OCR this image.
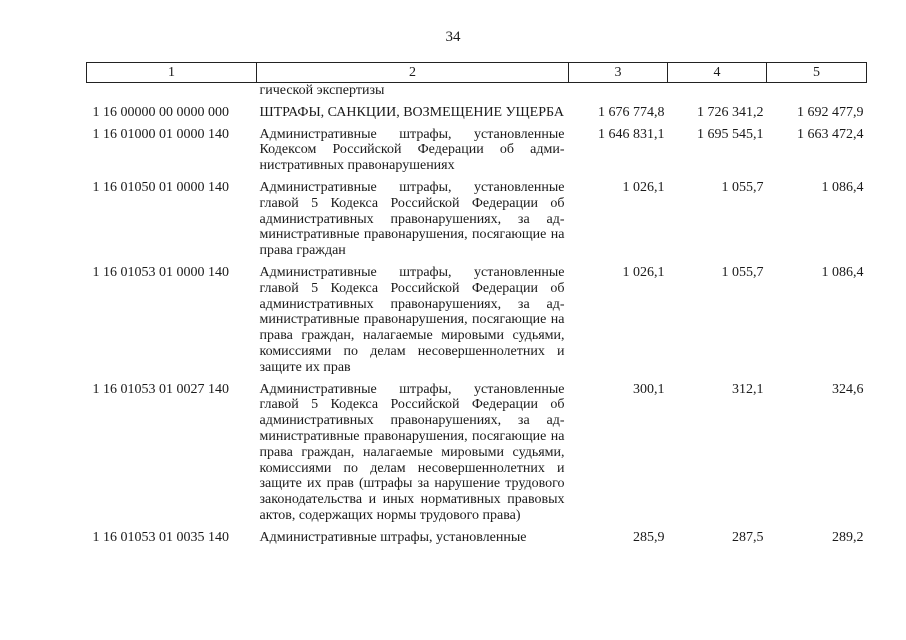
34
1	2	3	4	5
	гической экспертизы			
1 16 00000 00 0000 000	ШТРАФЫ, САНКЦИИ, ВОЗМЕЩЕНИЕ УЩЕРБА	1 676 774,8	1 726 341,2	1 692 477,9
1 16 01000 01 0000 140	Административные штрафы, установленные Кодексом Российской Федерации об административных правонарушениях	1 646 831,1	1 695 545,1	1 663 472,4
1 16 01050 01 0000 140	Административные штрафы, установленные главой 5 Кодекса Российской Федерации об административных правонарушениях, за административные правонарушения, посягающие на права граждан	1 026,1	1 055,7	1 086,4
1 16 01053 01 0000 140	Административные штрафы, установленные главой 5 Кодекса Российской Федерации об административных правонарушениях, за административные правонарушения, посягающие на права граждан, налагаемые мировыми судьями, комиссиями по делам несовершеннолетних и защите их прав	1 026,1	1 055,7	1 086,4
1 16 01053 01 0027 140	Административные штрафы, установленные главой 5 Кодекса Российской Федерации об административных правонарушениях, за административные правонарушения, посягающие на права граждан, налагаемые мировыми судьями, комиссиями по делам несовершеннолетних и защите их прав (штрафы за нарушение трудового законодательства и иных нормативных правовых актов, содержащих нормы трудового права)	300,1	312,1	324,6
1 16 01053 01 0035 140	Административные штрафы, установленные	285,9	287,5	289,2
